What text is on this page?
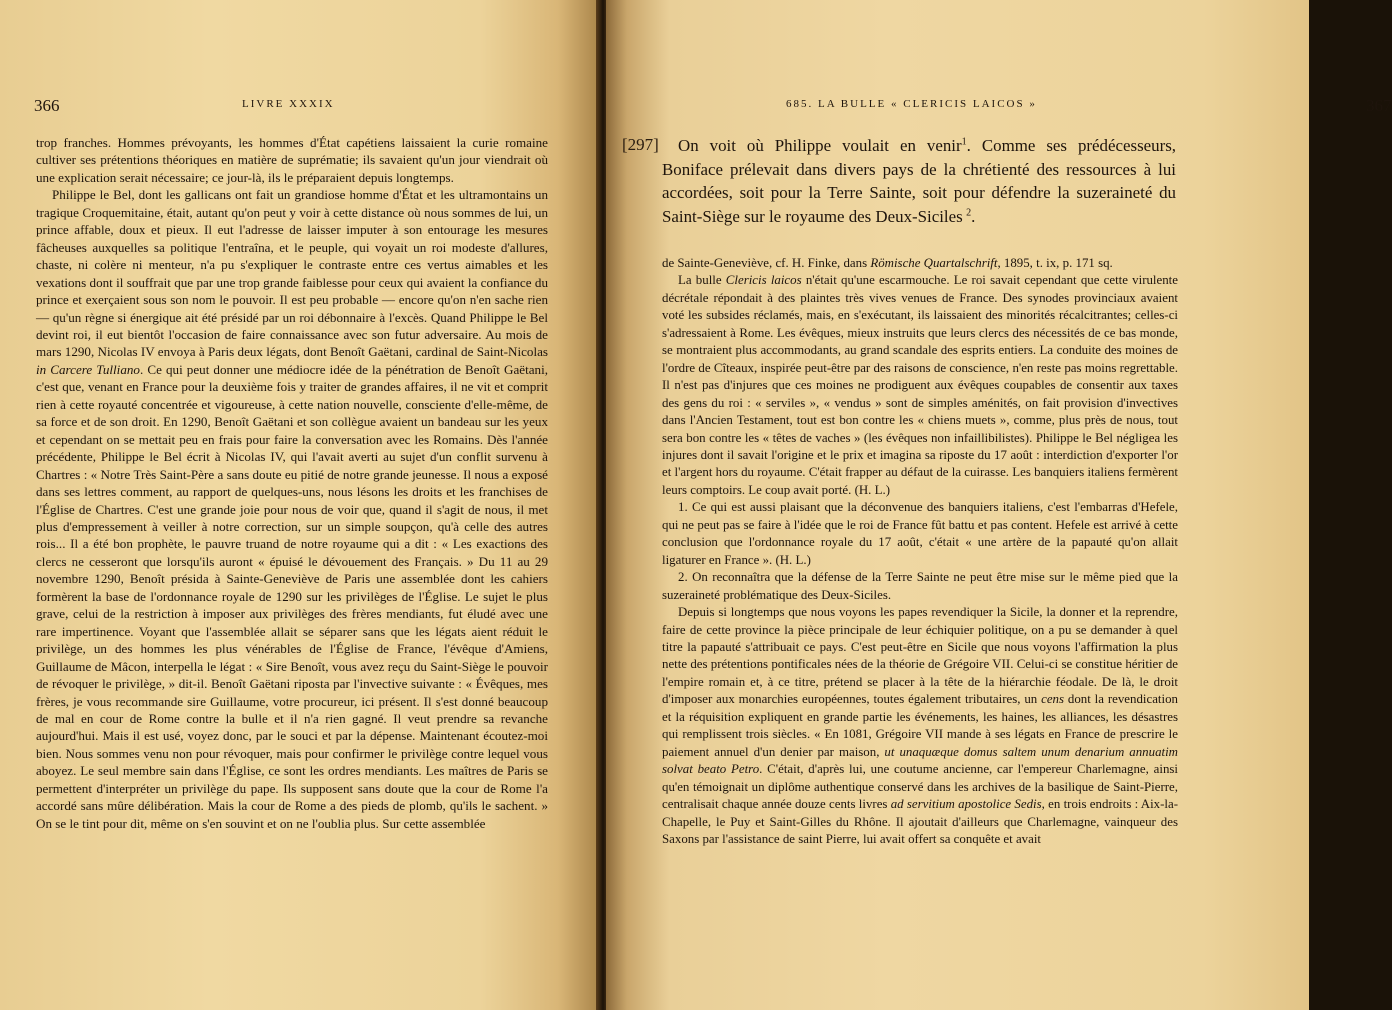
366	LIVRE XXXIX

trop franches. Hommes prévoyants, les hommes d'État capétiens laissaient la curie romaine cultiver ses prétentions théoriques en matière de suprématie; ils savaient qu'un jour viendrait où une explication serait nécessaire; ce jour-là, ils le préparaient depuis longtemps.

Philippe le Bel, dont les gallicans ont fait un grandiose homme d'État et les ultramontains un tragique Croquemitaine, était, autant qu'on peut y voir à cette distance où nous sommes de lui, un prince affable, doux et pieux. Il eut l'adresse de laisser imputer à son entourage les mesures fâcheuses auxquelles sa politique l'entraîna, et le peuple, qui voyait un roi modeste d'allures, chaste, ni colère ni menteur, n'a pu s'expliquer le contraste entre ces vertus aimables et les vexations dont il souffrait que par une trop grande faiblesse pour ceux qui avaient la confiance du prince et exerçaient sous son nom le pouvoir. Il est peu probable — encore qu'on n'en sache rien — qu'un règne si énergique ait été présidé par un roi débonnaire à l'excès. Quand Philippe le Bel devint roi, il eut bientôt l'occasion de faire connaissance avec son futur adversaire. Au mois de mars 1290, Nicolas IV envoya à Paris deux légats, dont Benoît Gaëtani, cardinal de Saint-Nicolas in Carcere Tulliano. Ce qui peut donner une médiocre idée de la pénétration de Benoît Gaëtani, c'est que, venant en France pour la deuxième fois y traiter de grandes affaires, il ne vit et comprit rien à cette royauté concentrée et vigoureuse, à cette nation nouvelle, consciente d'elle-même, de sa force et de son droit. En 1290, Benoît Gaëtani et son collègue avaient un bandeau sur les yeux et cependant on se mettait peu en frais pour faire la conversation avec les Romains. Dès l'année précédente, Philippe le Bel écrit à Nicolas IV, qui l'avait averti au sujet d'un conflit survenu à Chartres : « Notre Très Saint-Père a sans doute eu pitié de notre grande jeunesse. Il nous a exposé dans ses lettres comment, au rapport de quelques-uns, nous lésons les droits et les franchises de l'Église de Chartres. C'est une grande joie pour nous de voir que, quand il s'agit de nous, il met plus d'empressement à veiller à notre correction, sur un simple soupçon, qu'à celle des autres rois... Il a été bon prophète, le pauvre truand de notre royaume qui a dit : « Les exactions des clercs ne cesseront que lorsqu'ils auront « épuisé le dévouement des Français. » Du 11 au 29 novembre 1290, Benoît présida à Sainte-Geneviève de Paris une assemblée dont les cahiers formèrent la base de l'ordonnance royale de 1290 sur les privilèges de l'Église. Le sujet le plus grave, celui de la restriction à imposer aux privilèges des frères mendiants, fut éludé avec une rare impertinence. Voyant que l'assemblée allait se séparer sans que les légats aient réduit le privilège, un des hommes les plus vénérables de l'Église de France, l'évêque d'Amiens, Guillaume de Mâcon, interpella le légat : « Sire Benoît, vous avez reçu du Saint-Siège le pouvoir de révoquer le privilège, » dit-il. Benoît Gaëtani riposta par l'invective suivante : « Évêques, mes frères, je vous recommande sire Guillaume, votre procureur, ici présent. Il s'est donné beaucoup de mal en cour de Rome contre la bulle et il n'a rien gagné. Il veut prendre sa revanche aujourd'hui. Mais il est usé, voyez donc, par le souci et par la dépense. Maintenant écoutez-moi bien. Nous sommes venu non pour révoquer, mais pour confirmer le privilège contre lequel vous aboyez. Le seul membre sain dans l'Église, ce sont les ordres mendiants. Les maîtres de Paris se permettent d'interpréter un privilège du pape. Ils supposent sans doute que la cour de Rome l'a accordé sans mûre délibération. Mais la cour de Rome a des pieds de plomb, qu'ils le sachent. » On se le tint pour dit, même on s'en souvint et on ne l'oublia plus. Sur cette assemblée

685. LA BULLE « CLERICIS LAICOS »	367
[297]	On voit où Philippe voulait en venir$^1$. Comme ses prédécesseurs, Boniface prélevait dans divers pays de la chrétienté des ressources à lui accordées, soit pour la Terre Sainte, soit pour défendre la suzeraineté du Saint-Siège sur le royaume des Deux-Siciles  $^2$.

de Sainte-Geneviève, cf. H. Finke, dans Römische Quartalschrift, 1895, t. ix, p. 171 sq.

La bulle Clericis laicos n'était qu'une escarmouche. Le roi savait cependant que cette virulente décrétale répondait à des plaintes très vives venues de France. Des synodes provinciaux avaient voté les subsides réclamés, mais, en s'exécutant, ils laissaient des minorités récalcitrantes; celles-ci s'adressaient à Rome. Les évêques, mieux instruits que leurs clercs des nécessités de ce bas monde, se montraient plus accommodants, au grand scandale des esprits entiers. La conduite des moines de l'ordre de Cîteaux, inspirée peut-être par des raisons de conscience, n'en reste pas moins regrettable. Il n'est pas d'injures que ces moines ne prodiguent aux évêques coupables de consentir aux taxes des gens du roi : « serviles », « vendus » sont de simples aménités, on fait provision d'invectives dans l'Ancien Testament, tout est bon contre les « chiens muets », comme, plus près de nous, tout sera bon contre les « têtes de vaches » (les évêques non infaillibilistes). Philippe le Bel négligea les injures dont il savait l'origine et le prix et imagina sa riposte du 17 août : interdiction d'exporter l'or et l'argent hors du royaume. C'était frapper au défaut de la cuirasse. Les banquiers italiens fermèrent leurs comptoirs. Le coup avait porté. (H. L.)

1. Ce qui est aussi plaisant que la déconvenue des banquiers italiens, c'est l'embarras d'Hefele, qui ne peut pas se faire à l'idée que le roi de France fût battu et pas content. Hefele est arrivé à cette conclusion que l'ordonnance royale du 17 août, c'était « une artère de la papauté qu'on allait ligaturer en France ». (H. L.)

2. On reconnaîtra que la défense de la Terre Sainte ne peut être mise sur le même pied que la suzeraineté problématique des Deux-Siciles.

Depuis si longtemps que nous voyons les papes revendiquer la Sicile, la donner et la reprendre, faire de cette province la pièce principale de leur échiquier politique, on a pu se demander à quel titre la papauté s'attribuait ce pays. C'est peut-être en Sicile que nous voyons l'affirmation la plus nette des prétentions pontificales nées de la théorie de Grégoire VII. Celui-ci se constitue héritier de l'empire romain et, à ce titre, prétend se placer à la tête de la hiérarchie féodale. De là, le droit d'imposer aux monarchies européennes, toutes également tributaires, un cens dont la revendication et la réquisition expliquent en grande partie les événements, les haines, les alliances, les désastres qui remplissent trois siècles. « En 1081, Grégoire VII mande à ses légats en France de prescrire le paiement annuel d'un denier par maison, ut unaquæque domus saltem unum denarium annuatim solvat beato Petro. C'était, d'après lui, une coutume ancienne, car l'empereur Charlemagne, ainsi qu'en témoignait un diplôme authentique conservé dans les archives de la basilique de Saint-Pierre, centralisait chaque année douze cents livres ad servitium apostolice Sedis, en trois endroits : Aix-la-Chapelle, le Puy et Saint-Gilles du Rhône. Il ajoutait d'ailleurs que Charlemagne, vainqueur des Saxons par l'assistance de saint Pierre, lui avait offert sa conquête et avait
